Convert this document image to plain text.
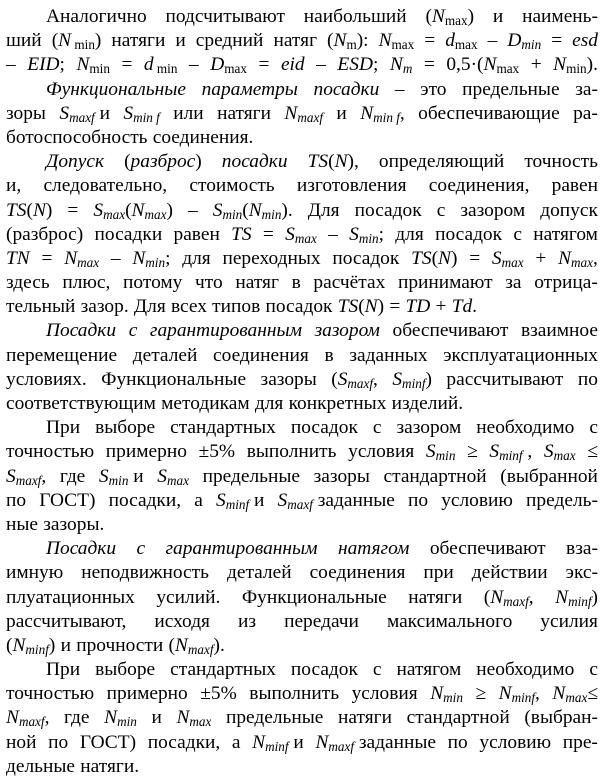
Аналогично подсчитывают наибольший $(N_{max})$ и наимень-
ший (N $_{min}$) натяги и средний натяг $(N_m)$: $N_{max} = d_{max} - D_{min}$ = esd
– EID; $N_{min} = d$ $_{min} - D_{max}$ = eid – ESD; $N_m = 0,5\cdot(N_{max} + N_{min})$.
Функциональные параметры посадки – это предельные за-
зоры $S_{maxf}$ и $S_{min f}$ или натяги $N_{maxf}$ и $N_{min f}$, обеспечивающие ра-
ботоспособность соединения.
Допуск (разброс) посадки TS(N), определяющий точность
и, следовательно, стоимость изготовления соединения, равен
$TS(N) = S_{max}(N_{max}) - S_{min}(N_{min})$. Для посадок с зазором допуск
(разброс) посадки равен TS = $S_{max} - S_{min}$; для посадок с натягом
TN = $N_{max} - N_{min}$; для переходных посадок $TS(N) = S_{max} + N_{max}$,
здесь плюс, потому что натяг в расчётах принимают за отрица-
тельный зазор. Для всех типов посадок TS(N) = TD + Td.
Посадки с гарантированным зазором обеспечивают взаимное
перемещение деталей соединения в заданных эксплуатационных
условиях. Функциональные зазоры ($S_{maxf}$, $S_{minf}$) рассчитывают по
соответствующим методикам для конкретных изделий.
При выборе стандартных посадок с зазором необходимо с
точностью примерно ±5% выполнить условия $S_{min} \ge S_{minf}$ , $S_{max}$ ≤
$S_{maxf}$, где $S_{min}$ и $S_{max}$ предельные зазоры стандартной (выбранной
по ГОСТ) посадки, а $S_{minf}$ и $S_{maxf}$ заданные по условию предель-
ные зазоры.
Посадки с гарантированным натягом обеспечивают вза-
имную неподвижность деталей соединения при действии экс-
плуатационных усилий. Функциональные натяги ($N_{maxf}$, $N_{minf}$)
рассчитывают, исходя из передачи максимального усилия
$(N_{minf})$ и прочности $(N_{maxf})$.
При выборе стандартных посадок с натягом необходимо с
точностью примерно ±5% выполнить условия $N_{min} \ge N_{minf}$, $N_{max}\le$
$N_{maxf}$, где $N_{min}$ и $N_{max}$ предельные натяги стандартной (выбран-
ной по ГОСТ) посадки, а $N_{minf}$ и $N_{maxf}$ заданные по условию пре-
дельные натяги.
